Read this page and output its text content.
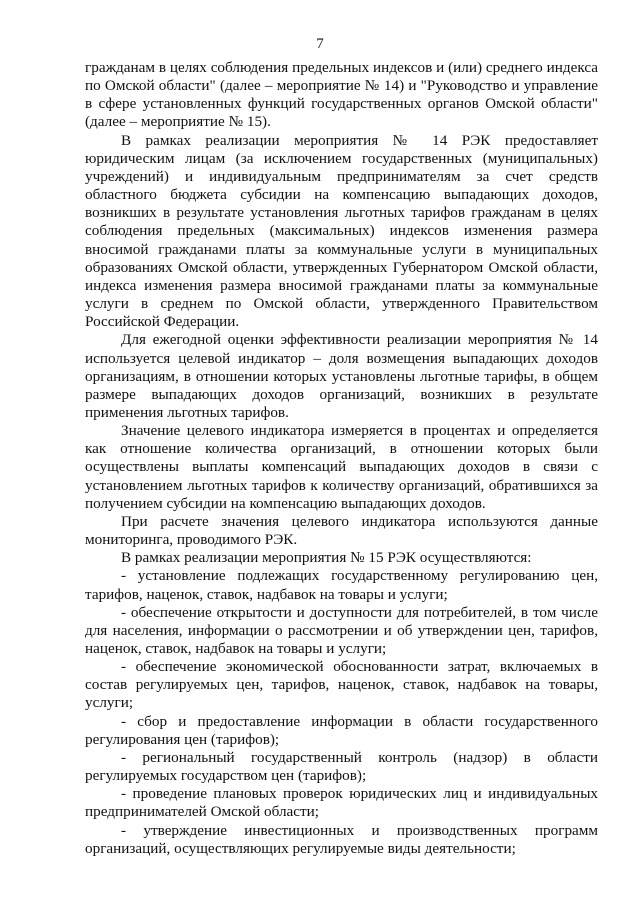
7

гражданам в целях соблюдения предельных индексов и (или) среднего индекса по Омской области" (далее – мероприятие № 14) и "Руководство и управление в сфере установленных функций государственных органов Омской области" (далее – мероприятие № 15).

В рамках реализации мероприятия № 14 РЭК предоставляет юридическим лицам (за исключением государственных (муниципальных) учреждений) и индивидуальным предпринимателям за счет средств областного бюджета субсидии на компенсацию выпадающих доходов, возникших в результате установления льготных тарифов гражданам в целях соблюдения предельных (максимальных) индексов изменения размера вносимой гражданами платы за коммунальные услуги в муниципальных образованиях Омской области, утвержденных Губернатором Омской области, индекса изменения размера вносимой гражданами платы за коммунальные услуги в среднем по Омской области, утвержденного Правительством Российской Федерации.

Для ежегодной оценки эффективности реализации мероприятия № 14 используется целевой индикатор – доля возмещения выпадающих доходов организациям, в отношении которых установлены льготные тарифы, в общем размере выпадающих доходов организаций, возникших в результате применения льготных тарифов.

Значение целевого индикатора измеряется в процентах и определяется как отношение количества организаций, в отношении которых были осуществлены выплаты компенсаций выпадающих доходов в связи с установлением льготных тарифов к количеству организаций, обратившихся за получением субсидии на компенсацию выпадающих доходов.

При расчете значения целевого индикатора используются данные мониторинга, проводимого РЭК.

В рамках реализации мероприятия № 15 РЭК осуществляются:

- установление подлежащих государственному регулированию цен, тарифов, наценок, ставок, надбавок на товары и услуги;

- обеспечение открытости и доступности для потребителей, в том числе для населения, информации о рассмотрении и об утверждении цен, тарифов, наценок, ставок, надбавок на товары и услуги;

- обеспечение экономической обоснованности затрат, включаемых в состав регулируемых цен, тарифов, наценок, ставок, надбавок на товары, услуги;

- сбор и предоставление информации в области государственного регулирования цен (тарифов);

- региональный государственный контроль (надзор) в области регулируемых государством цен (тарифов);

- проведение плановых проверок юридических лиц и индивидуальных предпринимателей Омской области;

- утверждение инвестиционных и производственных программ организаций, осуществляющих регулируемые виды деятельности;
